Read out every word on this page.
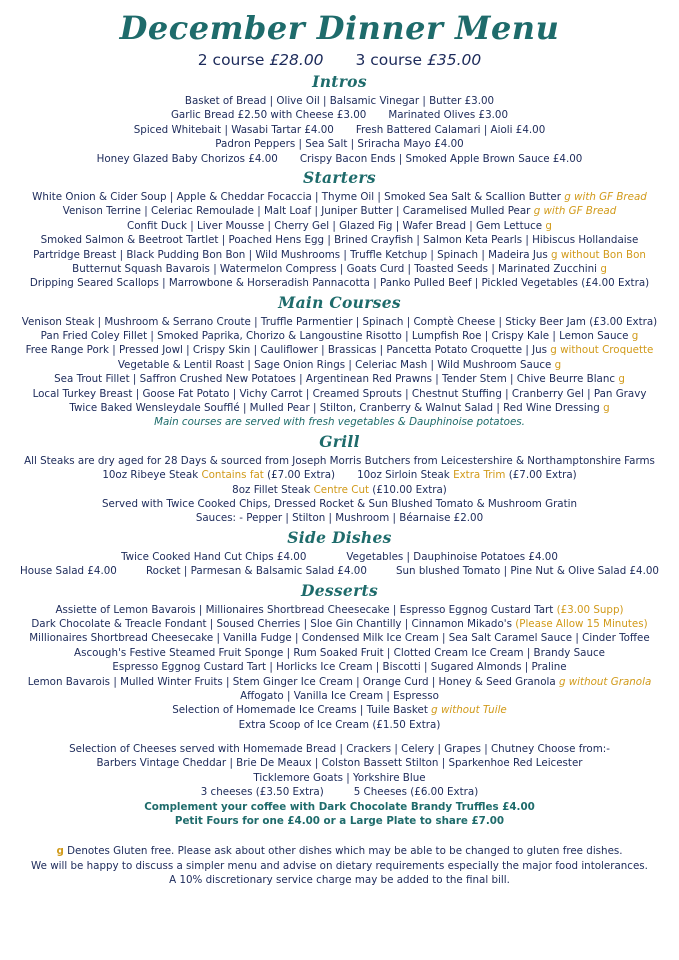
December Dinner Menu
2 course £28.00 3 course £35.00
Intros
Basket of Bread | Olive Oil | Balsamic Vinegar | Butter £3.00
Garlic Bread £2.50 with Cheese £3.00 Marinated Olives £3.00
Spiced Whitebait | Wasabi Tartar £4.00 Fresh Battered Calamari | Aioli £4.00
Padron Peppers | Sea Salt | Sriracha Mayo £4.00
Honey Glazed Baby Chorizos £4.00 Crispy Bacon Ends | Smoked Apple Brown Sauce £4.00
Starters
White Onion & Cider Soup | Apple & Cheddar Focaccia | Thyme Oil | Smoked Sea Salt & Scallion Butter g with GF Bread
Venison Terrine | Celeriac Remoulade | Malt Loaf | Juniper Butter | Caramelised Mulled Pear g with GF Bread
Confit Duck | Liver Mousse | Cherry Gel | Glazed Fig | Wafer Bread | Gem Lettuce g
Smoked Salmon & Beetroot Tartlet | Poached Hens Egg | Brined Crayfish | Salmon Keta Pearls | Hibiscus Hollandaise
Partridge Breast | Black Pudding Bon Bon | Wild Mushrooms | Truffle Ketchup | Spinach | Madeira Jus g without Bon Bon
Butternut Squash Bavarois | Watermelon Compress | Goats Curd | Toasted Seeds | Marinated Zucchini g
Dripping Seared Scallops | Marrowbone & Horseradish Pannacotta | Panko Pulled Beef | Pickled Vegetables (£4.00 Extra)
Main Courses
Venison Steak | Mushroom & Serrano Croute | Truffle Parmentier | Spinach | Comptè Cheese | Sticky Beer Jam (£3.00 Extra)
Pan Fried Coley Fillet | Smoked Paprika, Chorizo & Langoustine Risotto | Lumpfish Roe | Crispy Kale | Lemon Sauce g
Free Range Pork | Pressed Jowl | Crispy Skin | Cauliflower | Brassicas | Pancetta Potato Croquette | Jus g without Croquette
Vegetable & Lentil Roast | Sage Onion Rings | Celeriac Mash | Wild Mushroom Sauce g
Sea Trout Fillet | Saffron Crushed New Potatoes | Argentinean Red Prawns | Tender Stem | Chive Beurre Blanc g
Local Turkey Breast | Goose Fat Potato | Vichy Carrot | Creamed Sprouts | Chestnut Stuffing | Cranberry Gel | Pan Gravy
Twice Baked Wensleydale Soufflé | Mulled Pear | Stilton, Cranberry & Walnut Salad | Red Wine Dressing g
Main courses are served with fresh vegetables & Dauphinoise potatoes.
Grill
All Steaks are dry aged for 28 Days & sourced from Joseph Morris Butchers from Leicestershire & Northamptonshire Farms
10oz Ribeye Steak Contains fat (£7.00 Extra) 10oz Sirloin Steak Extra Trim (£7.00 Extra)
8oz Fillet Steak Centre Cut (£10.00 Extra)
Served with Twice Cooked Chips, Dressed Rocket & Sun Blushed Tomato & Mushroom Gratin
Sauces: - Pepper | Stilton | Mushroom | Béarnaise £2.00
Side Dishes
Twice Cooked Hand Cut Chips £4.00	Vegetables | Dauphinoise Potatoes £4.00
House Salad £4.00	Rocket | Parmesan & Balsamic Salad £4.00	Sun blushed Tomato | Pine Nut & Olive Salad £4.00
Desserts
Assiette of Lemon Bavarois | Millionaires Shortbread Cheesecake | Espresso Eggnog Custard Tart (£3.00 Supp)
Dark Chocolate & Treacle Fondant | Soused Cherries | Sloe Gin Chantilly | Cinnamon Mikado's (Please Allow 15 Minutes)
Millionaires Shortbread Cheesecake | Vanilla Fudge | Condensed Milk Ice Cream | Sea Salt Caramel Sauce | Cinder Toffee
Ascough's Festive Steamed Fruit Sponge | Rum Soaked Fruit | Clotted Cream Ice Cream | Brandy Sauce
Espresso Eggnog Custard Tart | Horlicks Ice Cream | Biscotti | Sugared Almonds | Praline
Lemon Bavarois | Mulled Winter Fruits | Stem Ginger Ice Cream | Orange Curd | Honey & Seed Granola g without Granola
Affogato | Vanilla Ice Cream | Espresso
Selection of Homemade Ice Creams | Tuile Basket g without Tuile
Extra Scoop of Ice Cream (£1.50 Extra)
Selection of Cheeses served with Homemade Bread | Crackers | Celery | Grapes | Chutney Choose from:-
Barbers Vintage Cheddar | Brie De Meaux | Colston Bassett Stilton | Sparkenhoe Red Leicester
Ticklemore Goats | Yorkshire Blue
3 cheeses (£3.50 Extra)	5 Cheeses (£6.00 Extra)
Complement your coffee with Dark Chocolate Brandy Truffles £4.00
Petit Fours for one £4.00 or a Large Plate to share £7.00
g Denotes Gluten free. Please ask about other dishes which may be able to be changed to gluten free dishes.
We will be happy to discuss a simpler menu and advise on dietary requirements especially the major food intolerances.
A 10% discretionary service charge may be added to the final bill.
